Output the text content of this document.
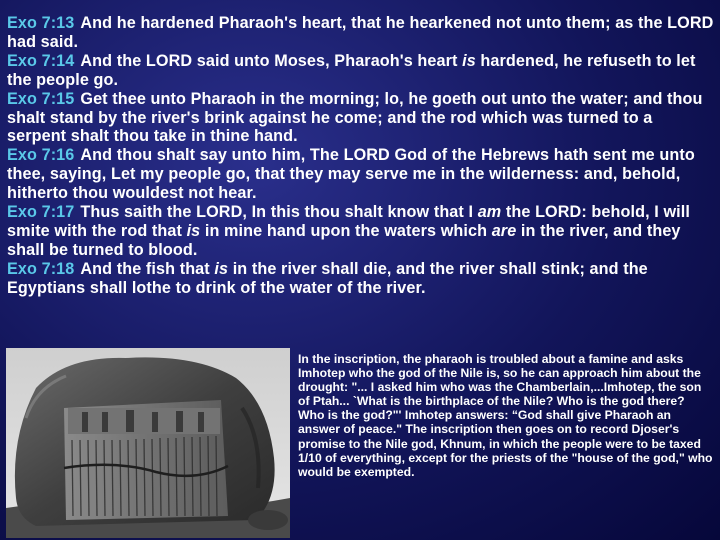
Exo 7:13 And he hardened Pharaoh's heart, that he hearkened not unto them; as the LORD had said.
Exo 7:14 And the LORD said unto Moses, Pharaoh's heart is hardened, he refuseth to let the people go.
Exo 7:15 Get thee unto Pharaoh in the morning; lo, he goeth out unto the water; and thou shalt stand by the river's brink against he come; and the rod which was turned to a serpent shalt thou take in thine hand.
Exo 7:16 And thou shalt say unto him, The LORD God of the Hebrews hath sent me unto thee, saying, Let my people go, that they may serve me in the wilderness: and, behold, hitherto thou wouldest not hear.
Exo 7:17 Thus saith the LORD, In this thou shalt know that I am the LORD: behold, I will smite with the rod that is in mine hand upon the waters which are in the river, and they shall be turned to blood.
Exo 7:18 And the fish that is in the river shall die, and the river shall stink; and the Egyptians shall lothe to drink of the water of the river.
In the inscription, the pharaoh is troubled about a famine and asks Imhotep who the god of the Nile is, so he can approach him about the drought: "... I asked him who was the Chamberlain,...Imhotep, the son of Ptah... `What is the birthplace of the Nile? Who is the god there? Who is the god?"' Imhotep answers: “God shall give Pharaoh an answer of peace." The inscription then goes on to record Djoser's promise to the Nile god, Khnum, in which the people were to be taxed 1/10 of everything, except for the priests of the "house of the god," who would be exempted.
